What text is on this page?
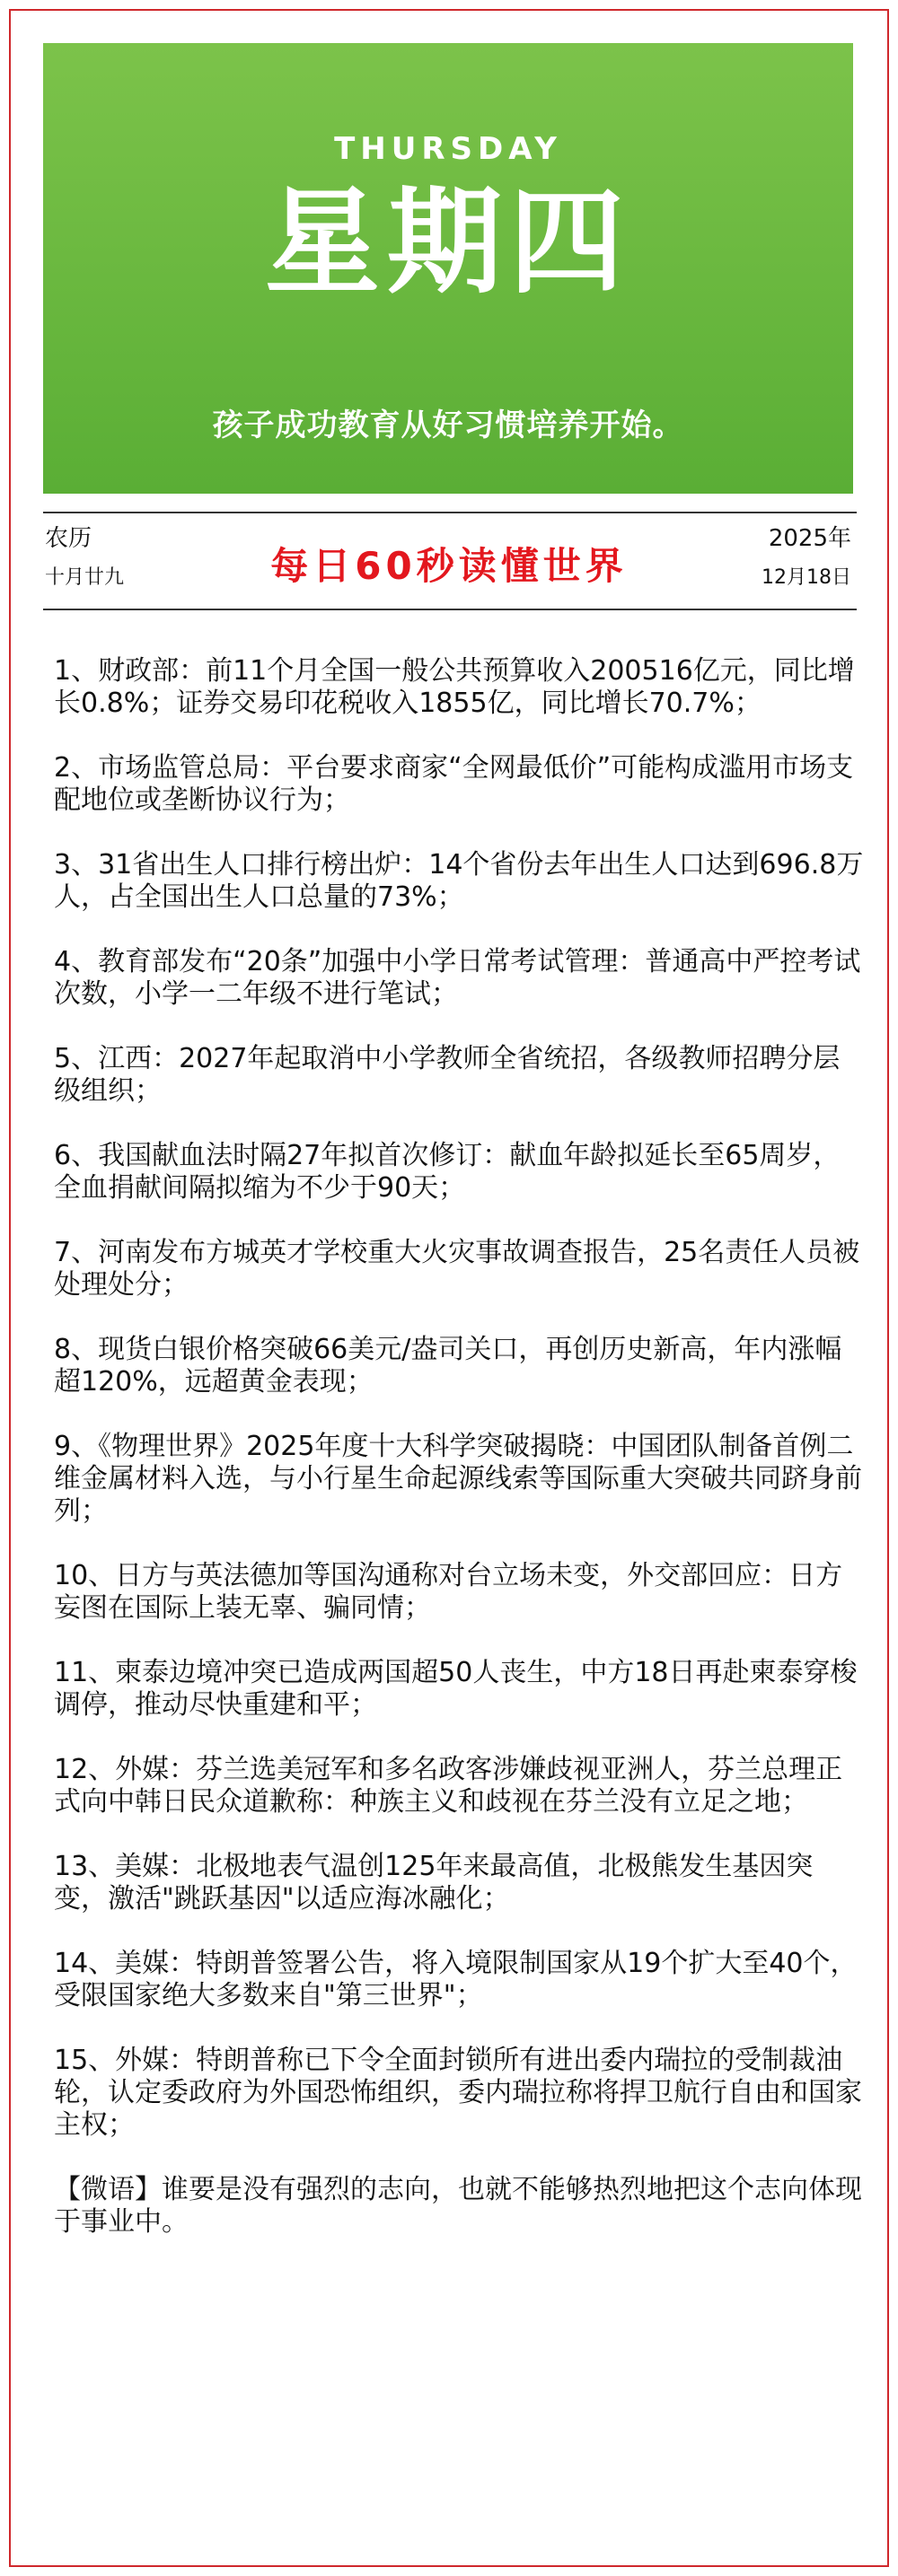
THURSDAY
星期四
孩子成功教育从好习惯培养开始。
农历
十月廿九	每日60秒读懂世界
2025年
12月18日
1、财政部：前11个月全国一般公共预算收入200516亿元，同比增长0.8%；证券交易印花税收入1855亿，同比增长70.7%；
2、市场监管总局：平台要求商家“全网最低价”可能构成滥用市场支配地位或垄断协议行为；
3、31省出生人口排行榜出炉：14个省份去年出生人口达到696.8万人，占全国出生人口总量的73%；
4、教育部发布“20条”加强中小学日常考试管理：普通高中严控考试次数，小学一二年级不进行笔试；
5、江西：2027年起取消中小学教师全省统招，各级教师招聘分层级组织；
6、我国献血法时隔27年拟首次修订：献血年龄拟延长至65周岁，全血捐献间隔拟缩为不少于90天；
7、河南发布方城英才学校重大火灾事故调查报告，25名责任人员被处理处分；
8、现货白银价格突破66美元/盎司关口，再创历史新高，年内涨幅超120%，远超黄金表现；
9、《物理世界》2025年度十大科学突破揭晓：中国团队制备首例二维金属材料入选，与小行星生命起源线索等国际重大突破共同跻身前列；
10、日方与英法德加等国沟通称对台立场未变，外交部回应：日方妄图在国际上装无辜、骗同情；
11、柬泰边境冲突已造成两国超50人丧生，中方18日再赴柬泰穿梭调停，推动尽快重建和平；
12、外媒：芬兰选美冠军和多名政客涉嫌歧视亚洲人，芬兰总理正式向中韩日民众道歉称：种族主义和歧视在芬兰没有立足之地；
13、美媒：北极地表气温创125年来最高值，北极熊发生基因突变，激活"跳跃基因"以适应海冰融化；
14、美媒：特朗普签署公告，将入境限制国家从19个扩大至40个，受限国家绝大多数来自"第三世界"；
15、外媒：特朗普称已下令全面封锁所有进出委内瑞拉的受制裁油轮，认定委政府为外国恐怖组织，委内瑞拉称将捍卫航行自由和国家主权；
【微语】谁要是没有强烈的志向，也就不能够热烈地把这个志向体现于事业中。
